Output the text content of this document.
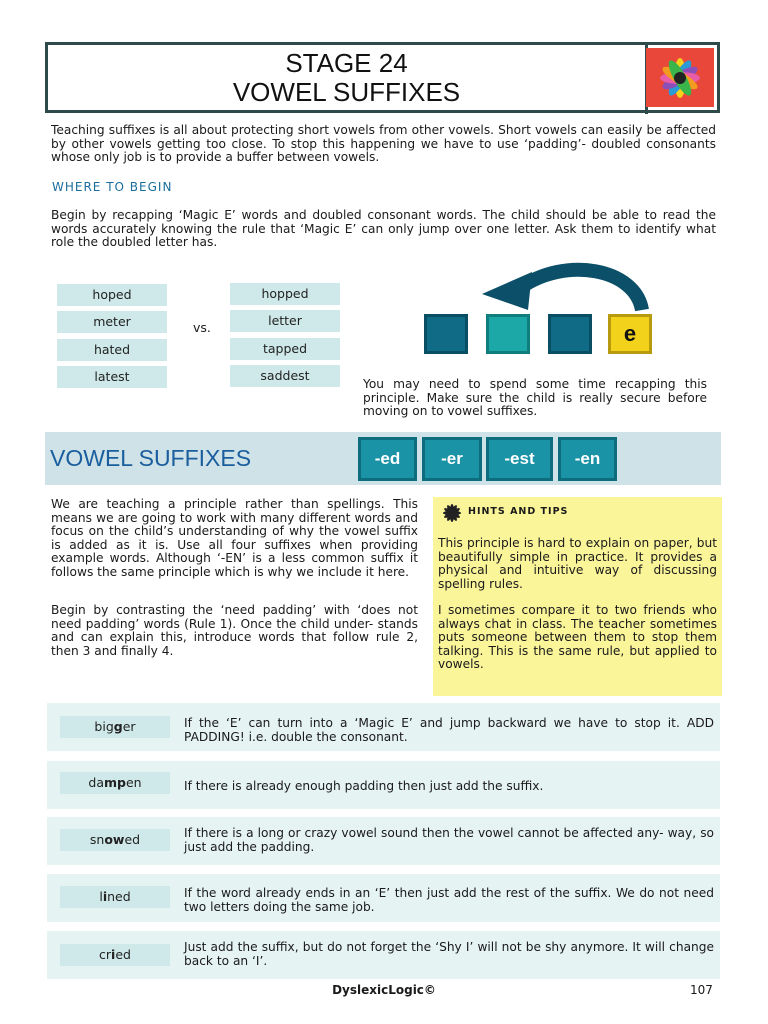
STAGE 24
VOWEL SUFFIXES
Teaching suffixes is all about protecting short vowels from other vowels. Short vowels can easily be affected by other vowels getting too close. To stop this happening we have to use ‘padding’- doubled consonants whose only job is to provide a buffer between vowels.
WHERE TO BEGIN
Begin by recapping ‘Magic E’ words and doubled consonant words. The child should be able to read the words accurately knowing the rule that ‘Magic E’ can only jump over one letter. Ask them to identify what role the doubled letter has.
hoped
meter
hated
latest
vs.
hopped
letter
tapped
saddest
e
You may need to spend some time recapping this principle. Make sure the child is really secure before moving on to vowel suffixes.
VOWEL SUFFIXES	-ed	-er	-est	-en
We are teaching a principle rather than spellings. This means we are going to work with many different words and focus on the child’s understanding of why the vowel suffix is added as it is. Use all four suffixes when providing example words. Although ‘-EN’ is a less common suffix it follows the same principle which is why we include it here.
Begin by contrasting the ‘need padding’ with ‘does not need padding’ words (Rule 1). Once the child under- stands and can explain this, introduce words that follow rule 2, then 3 and finally 4.
HINTS AND TIPS
This principle is hard to explain on paper, but beautifully simple in practice. It provides a physical and intuitive way of discussing spelling rules.
I sometimes compare it to two friends who always chat in class. The teacher sometimes puts someone between them to stop them talking. This is the same rule, but applied to vowels.
bigger	If the ‘E’ can turn into a ‘Magic E’ and jump backward we have to stop it. ADD PADDING! i.e. double the consonant.
dampen	If there is already enough padding then just add the suffix.
snowed	If there is a long or crazy vowel sound then the vowel cannot be affected any- way, so just add the padding.
lined	If the word already ends in an ‘E’ then just add the rest of the suffix. We do not need two letters doing the same job.
cried	Just add the suffix, but do not forget the ‘Shy I’ will not be shy anymore. It will change back to an ‘I’.
DyslexicLogic©	107
